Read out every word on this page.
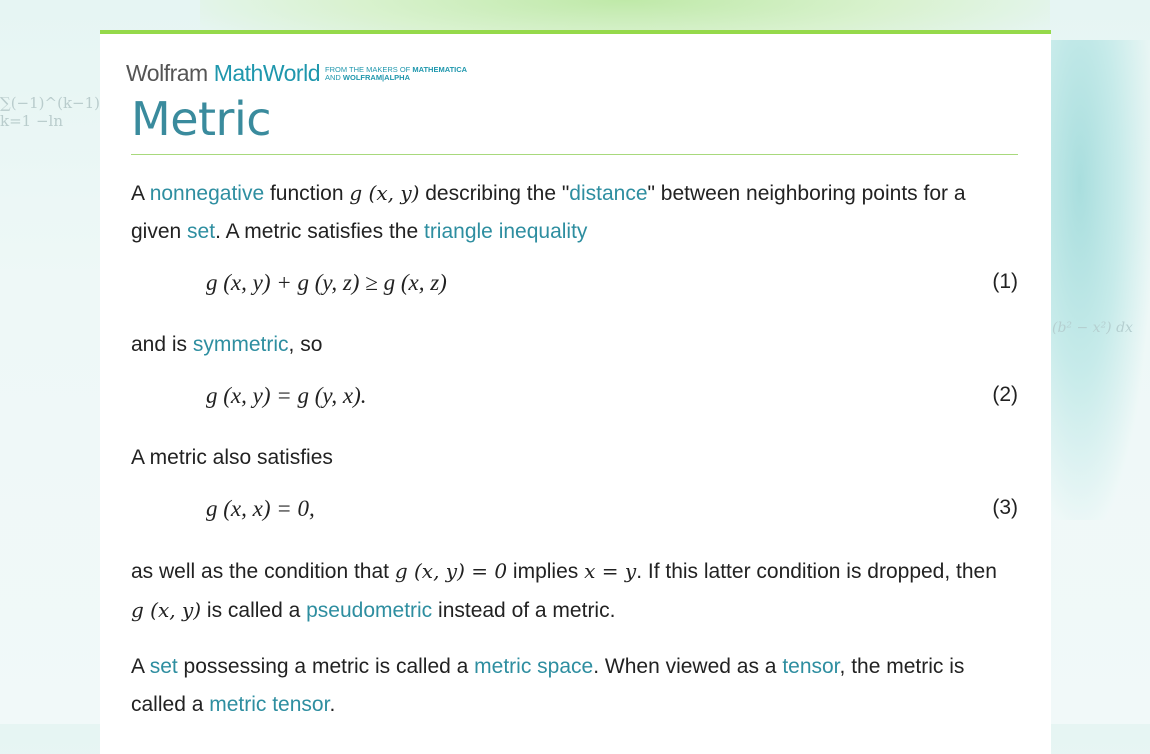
∑(−1)^(k−1)
k=1 −ln
(b² − x²) dx
Wolfram MathWorld FROM THE MAKERS OF MATHEMATICA
AND WOLFRAM|ALPHA
Metric
A nonnegative function g (x, y) describing the "distance" between neighboring points for a given set. A metric satisfies the triangle inequality
g (x, y) + g (y, z) ≥ g (x, z)	(1)
and is symmetric, so
g (x, y) = g (y, x).	(2)
A metric also satisfies
g (x, x) = 0,	(3)
as well as the condition that g (x, y) = 0 implies x = y. If this latter condition is dropped, then g (x, y) is called a pseudometric instead of a metric.
A set possessing a metric is called a metric space. When viewed as a tensor, the metric is called a metric tensor.
